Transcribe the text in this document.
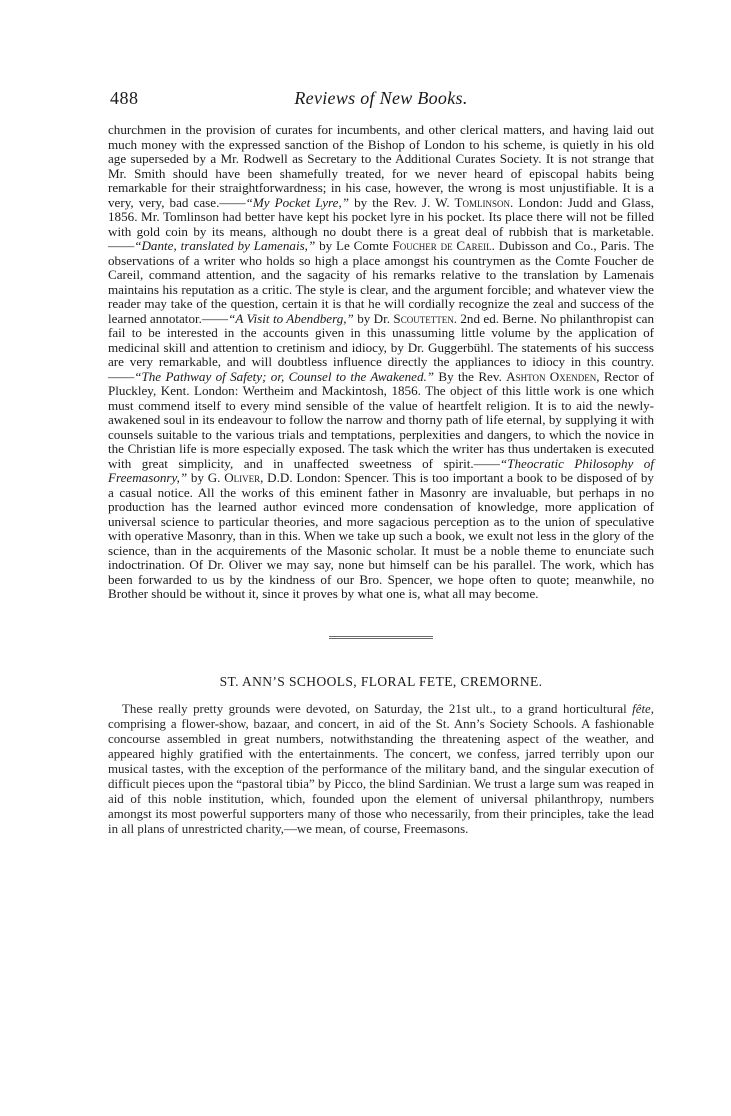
488	Reviews of New Books.

churchmen in the provision of curates for incumbents, and other clerical matters, and having laid out much money with the expressed sanction of the Bishop of London to his scheme, is quietly in his old age superseded by a Mr. Rodwell as Secretary to the Additional Curates Society. It is not strange that Mr. Smith should have been shamefully treated, for we never heard of episcopal habits being remarkable for their straightforwardness; in his case, however, the wrong is most unjustifiable. It is a very, very, bad case.——“My Pocket Lyre,” by the Rev. J. W. Tomlinson. London: Judd and Glass, 1856. Mr. Tomlinson had better have kept his pocket lyre in his pocket. Its place there will not be filled with gold coin by its means, although no doubt there is a great deal of rubbish that is marketable.——“Dante, translated by Lamenais,” by Le Comte Foucher de Careil. Dubisson and Co., Paris. The observations of a writer who holds so high a place amongst his countrymen as the Comte Foucher de Careil, command attention, and the sagacity of his remarks relative to the translation by Lamenais maintains his reputation as a critic. The style is clear, and the argument forcible; and whatever view the reader may take of the question, certain it is that he will cordially recognize the zeal and success of the learned annotator.——“A Visit to Abendberg,” by Dr. Scoutetten. 2nd ed. Berne. No philanthropist can fail to be interested in the accounts given in this unassuming little volume by the application of medicinal skill and attention to cretinism and idiocy, by Dr. Guggerbühl. The statements of his success are very remarkable, and will doubtless influence directly the appliances to idiocy in this country.——“The Pathway of Safety; or, Counsel to the Awakened.” By the Rev. Ashton Oxenden, Rector of Pluckley, Kent. London: Wertheim and Mackintosh, 1856. The object of this little work is one which must commend itself to every mind sensible of the value of heartfelt religion. It is to aid the newly-awakened soul in its endeavour to follow the narrow and thorny path of life eternal, by supplying it with counsels suitable to the various trials and temptations, perplexities and dangers, to which the novice in the Christian life is more especially exposed. The task which the writer has thus undertaken is executed with great simplicity, and in unaffected sweetness of spirit.——“Theocratic Philosophy of Freemasonry,” by G. Oliver, D.D. London: Spencer. This is too important a book to be disposed of by a casual notice. All the works of this eminent father in Masonry are invaluable, but perhaps in no production has the learned author evinced more condensation of knowledge, more application of universal science to particular theories, and more sagacious perception as to the union of speculative with operative Masonry, than in this. When we take up such a book, we exult not less in the glory of the science, than in the acquirements of the Masonic scholar. It must be a noble theme to enunciate such indoctrination. Of Dr. Oliver we may say, none but himself can be his parallel. The work, which has been forwarded to us by the kindness of our Bro. Spencer, we hope often to quote; meanwhile, no Brother should be without it, since it proves by what one is, what all may become.

ST. ANN’S SCHOOLS, FLORAL FETE, CREMORNE.

These really pretty grounds were devoted, on Saturday, the 21st ult., to a grand horticultural fête, comprising a flower-show, bazaar, and concert, in aid of the St. Ann’s Society Schools. A fashionable concourse assembled in great numbers, notwithstanding the threatening aspect of the weather, and appeared highly gratified with the entertainments. The concert, we confess, jarred terribly upon our musical tastes, with the exception of the performance of the military band, and the singular execution of difficult pieces upon the “pastoral tibia” by Picco, the blind Sardinian. We trust a large sum was reaped in aid of this noble institution, which, founded upon the element of universal philanthropy, numbers amongst its most powerful supporters many of those who necessarily, from their principles, take the lead in all plans of unrestricted charity,—we mean, of course, Freemasons.
